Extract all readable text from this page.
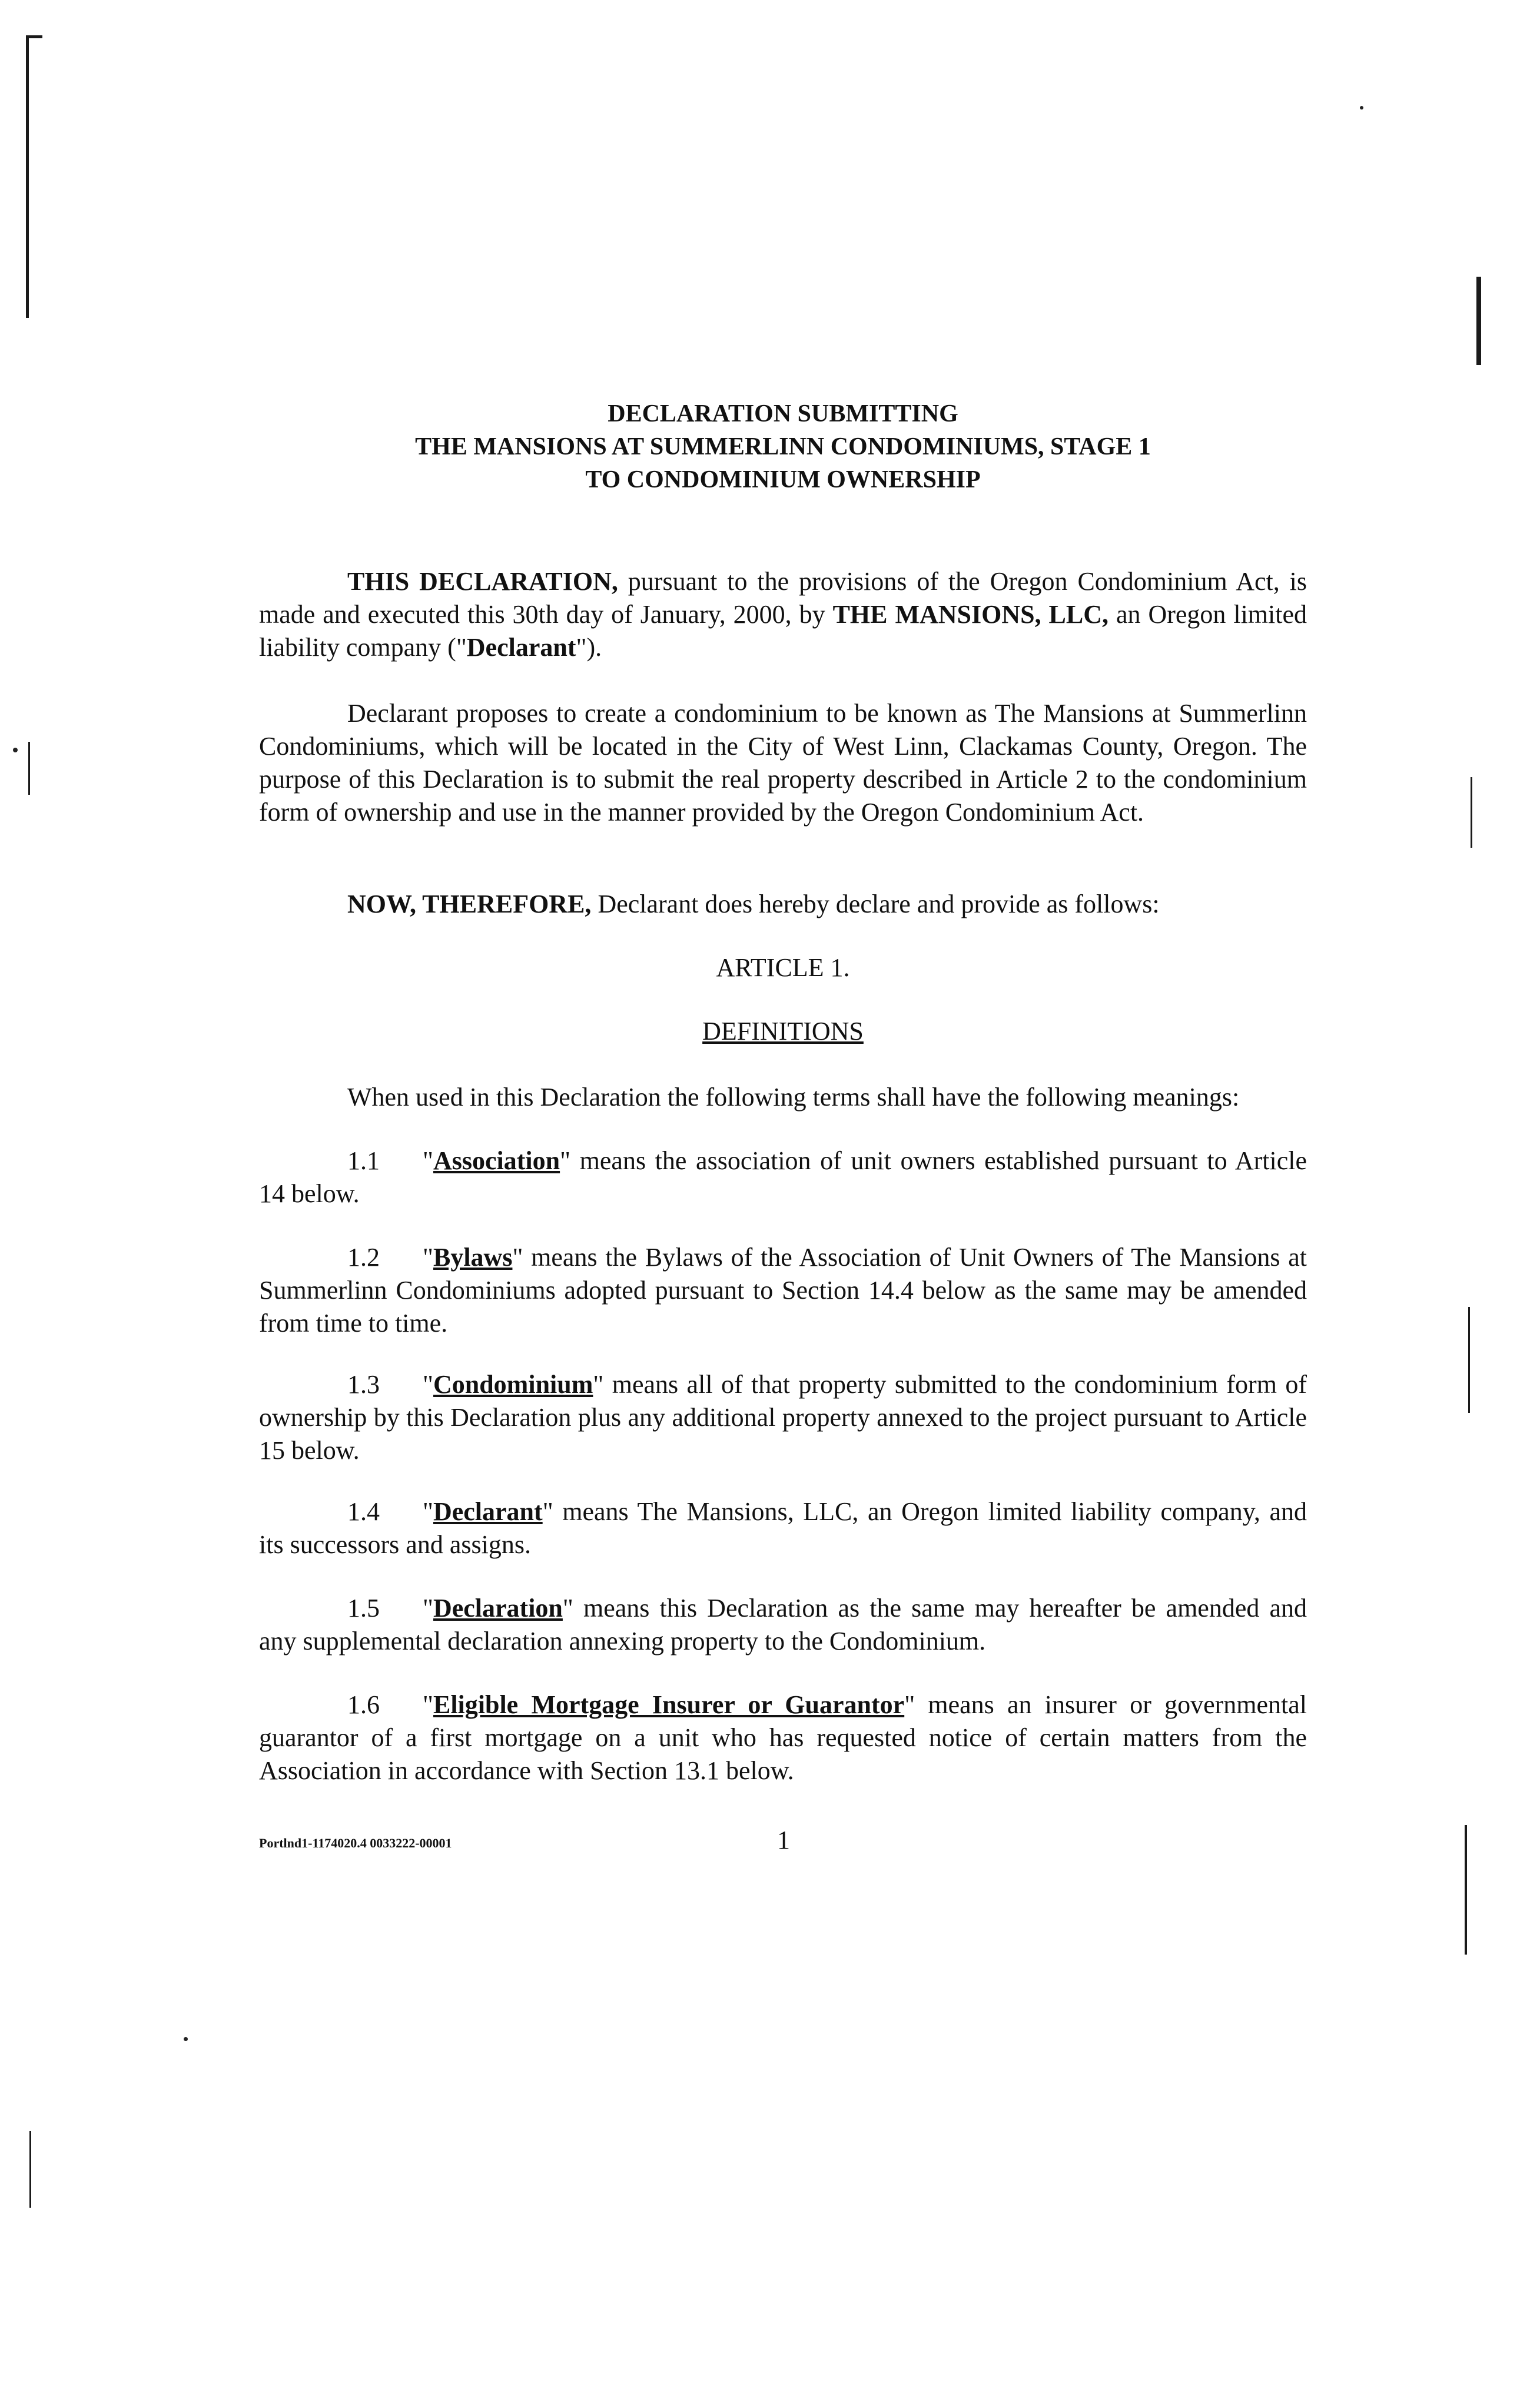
DECLARATION SUBMITTING
THE MANSIONS AT SUMMERLINN CONDOMINIUMS, STAGE 1
TO CONDOMINIUM OWNERSHIP
THIS DECLARATION, pursuant to the provisions of the Oregon Condominium Act, is made and executed this 30th day of January, 2000, by THE MANSIONS, LLC, an Oregon limited liability company ("Declarant").
Declarant proposes to create a condominium to be known as The Mansions at Summerlinn Condominiums, which will be located in the City of West Linn, Clackamas County, Oregon. The purpose of this Declaration is to submit the real property described in Article 2 to the condominium form of ownership and use in the manner provided by the Oregon Condominium Act.
NOW, THEREFORE, Declarant does hereby declare and provide as follows:
ARTICLE 1.
DEFINITIONS
When used in this Declaration the following terms shall have the following meanings:
1.1 "Association" means the association of unit owners established pursuant to Article 14 below.
1.2 "Bylaws" means the Bylaws of the Association of Unit Owners of The Mansions at Summerlinn Condominiums adopted pursuant to Section 14.4 below as the same may be amended from time to time.
1.3 "Condominium" means all of that property submitted to the condominium form of ownership by this Declaration plus any additional property annexed to the project pursuant to Article 15 below.
1.4 "Declarant" means The Mansions, LLC, an Oregon limited liability company, and its successors and assigns.
1.5 "Declaration" means this Declaration as the same may hereafter be amended and any supplemental declaration annexing property to the Condominium.
1.6 "Eligible Mortgage Insurer or Guarantor" means an insurer or governmental guarantor of a first mortgage on a unit who has requested notice of certain matters from the Association in accordance with Section 13.1 below.
Portlnd1-1174020.4 0033222-00001	1
